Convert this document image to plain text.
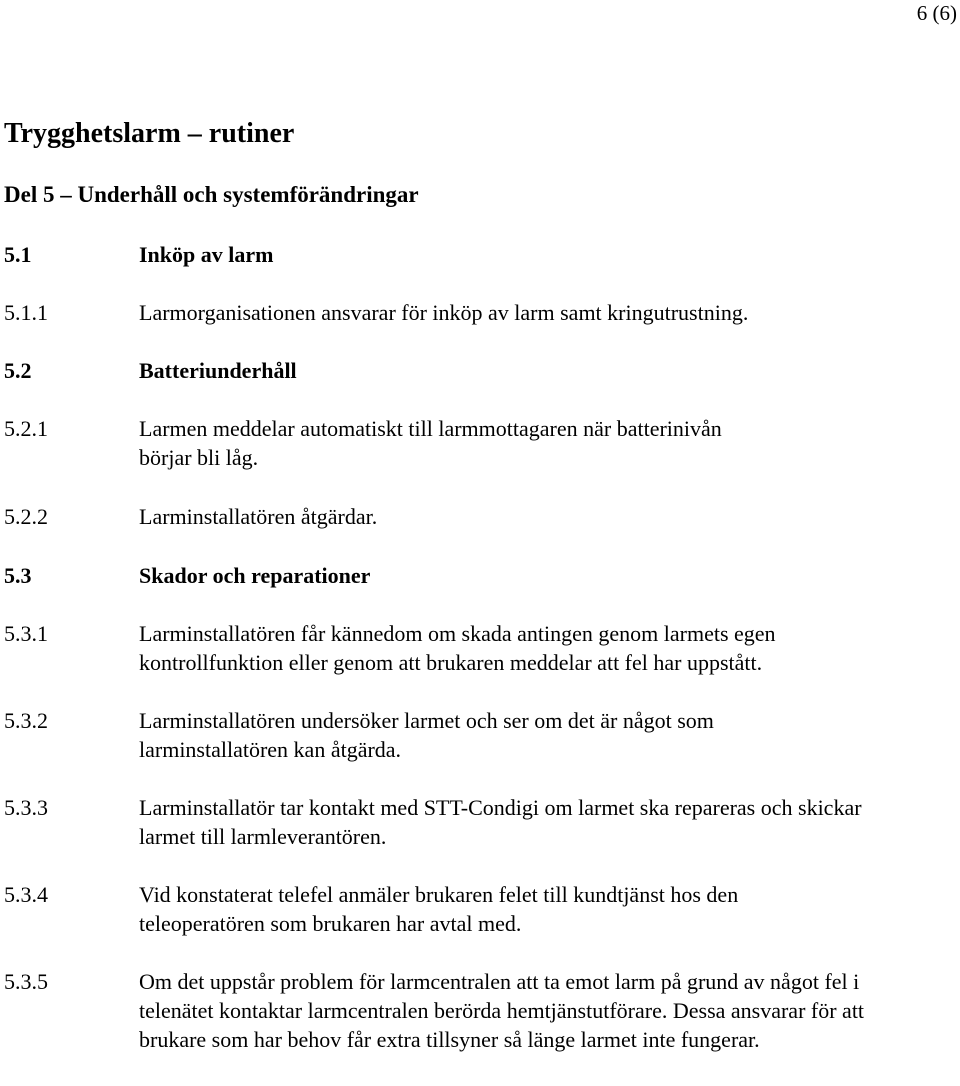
6 (6)
Trygghetslarm – rutiner
Del 5 – Underhåll och systemförändringar
5.1	Inköp av larm
5.1.1	Larmorganisationen ansvarar för inköp av larm samt kringutrustning.
5.2	Batteriunderhåll
5.2.1	Larmen meddelar automatiskt till larmmottagaren när batterinivån börjar bli låg.
5.2.2	Larminstallatören åtgärdar.
5.3	Skador och reparationer
5.3.1	Larminstallatören får kännedom om skada antingen genom larmets egen kontrollfunktion eller genom att brukaren meddelar att fel har uppstått.
5.3.2	Larminstallatören undersöker larmet och ser om det är något som larminstallatören kan åtgärda.
5.3.3	Larminstallatör tar kontakt med STT-Condigi om larmet ska repareras och skickar larmet till larmleverantören.
5.3.4	Vid konstaterat telefel anmäler brukaren felet till kundtjänst hos den teleoperatören som brukaren har avtal med.
5.3.5	Om det uppstår problem för larmcentralen att ta emot larm på grund av något fel i telenätet kontaktar larmcentralen berörda hemtjänstutförare. Dessa ansvarar för att brukare som har behov får extra tillsyner så länge larmet inte fungerar.
